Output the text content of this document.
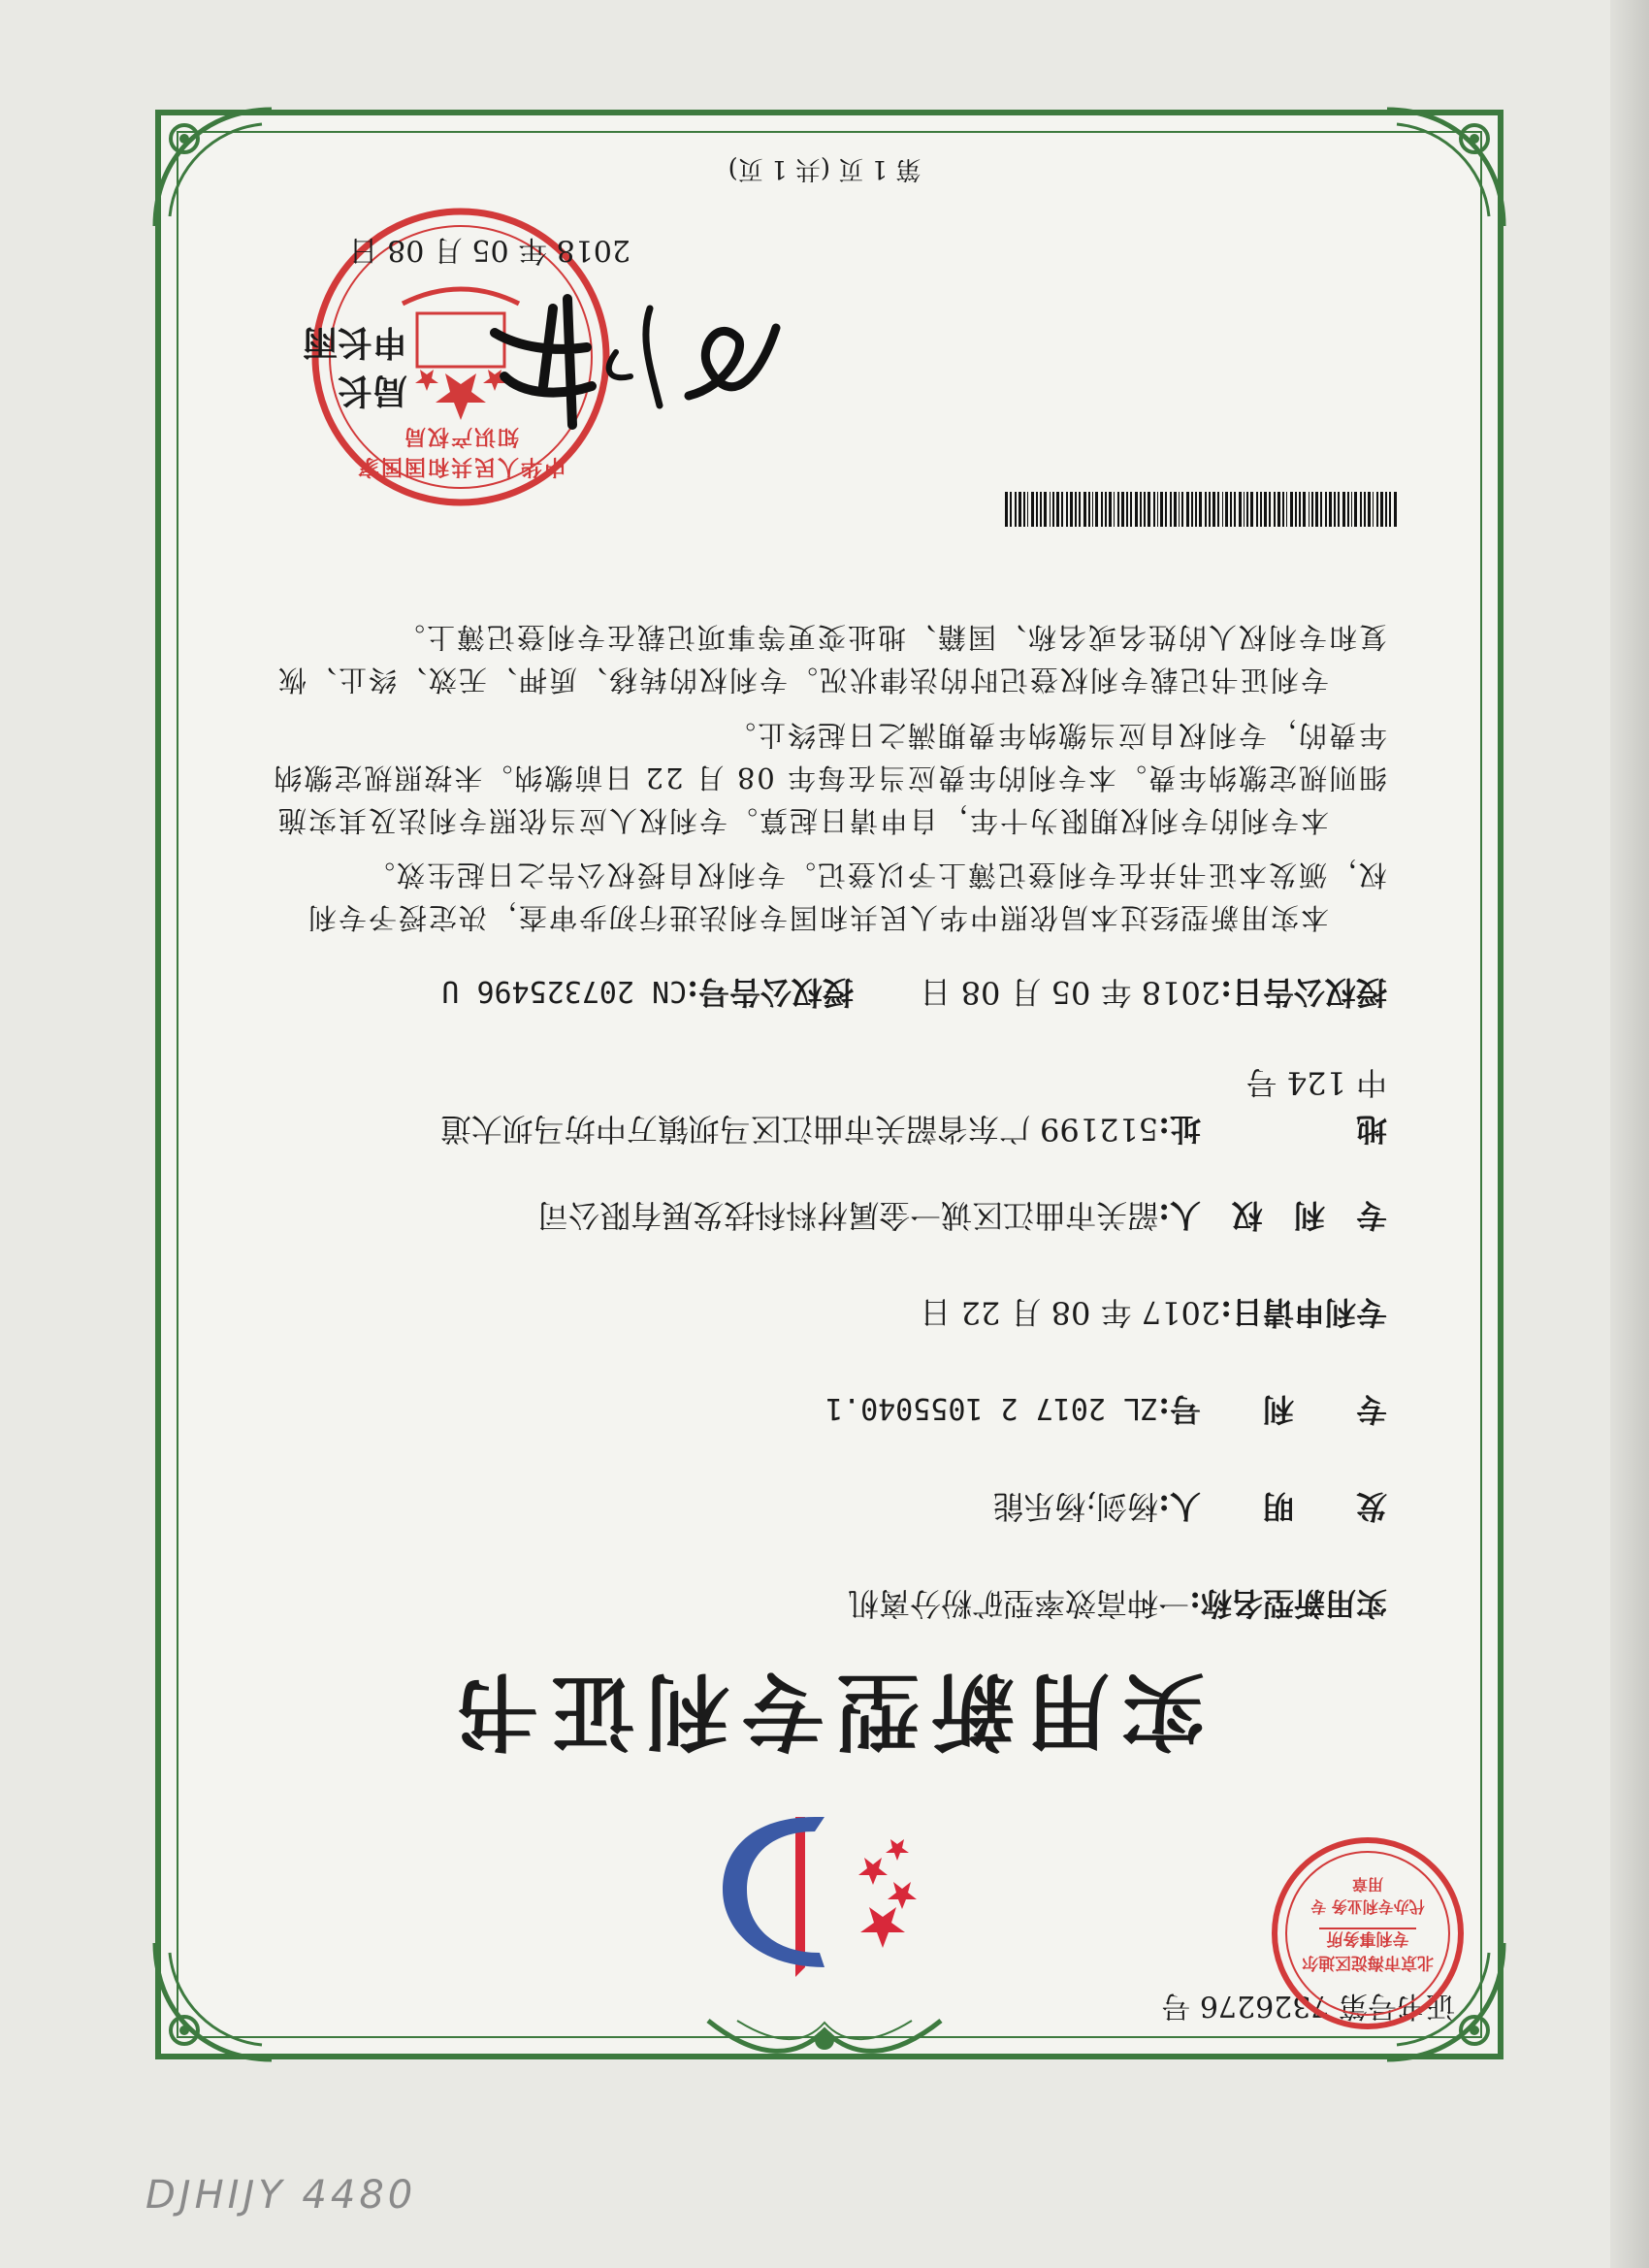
证书号第 7326276 号
北京市海淀区迪尔专利事务所
代办专利业务 专用章
实用新型专利证书
实用新型名称:一种高效率型矿粉分离机
发　　明　　人:杨剑;杨乐能
专　　利　　号:ZL 2017 2 1055040.1
专利申请日:2017 年 08 月 22 日
专　利　权　人:韶关市曲江区诚一金属材料科技发展有限公司
地　　　　　址:512199 广东省韶关市曲江区马坝镇万中坊马坝大道中 124 号
授权公告日:2018 年 05 月 08 日
授权公告号:CN 207325496 U
本实用新型经过本局依照中华人民共和国专利法进行初步审查，决定授予专利权，颁发本证书并在专利登记簿上予以登记。专利权自授权公告之日起生效。
本专利的专利权期限为十年，自申请日起算。专利权人应当依照专利法及其实施细则规定缴纳年费。本专利的年费应当在每年 08 月 22 日前缴纳。未按照规定缴纳年费的，专利权自应当缴纳年费期满之日起终止。
专利证书记载专利权登记时的法律状况。专利权的转移、质押、无效、终止、恢复和专利权人的姓名或名称、国籍、地址变更等事项记载在专利登记簿上。
中华人民共和国国家知识产权局
2018 年 05 月 08 日
局长
申长雨
第 1 页 (共 1 页)
DJHIJY 4480
